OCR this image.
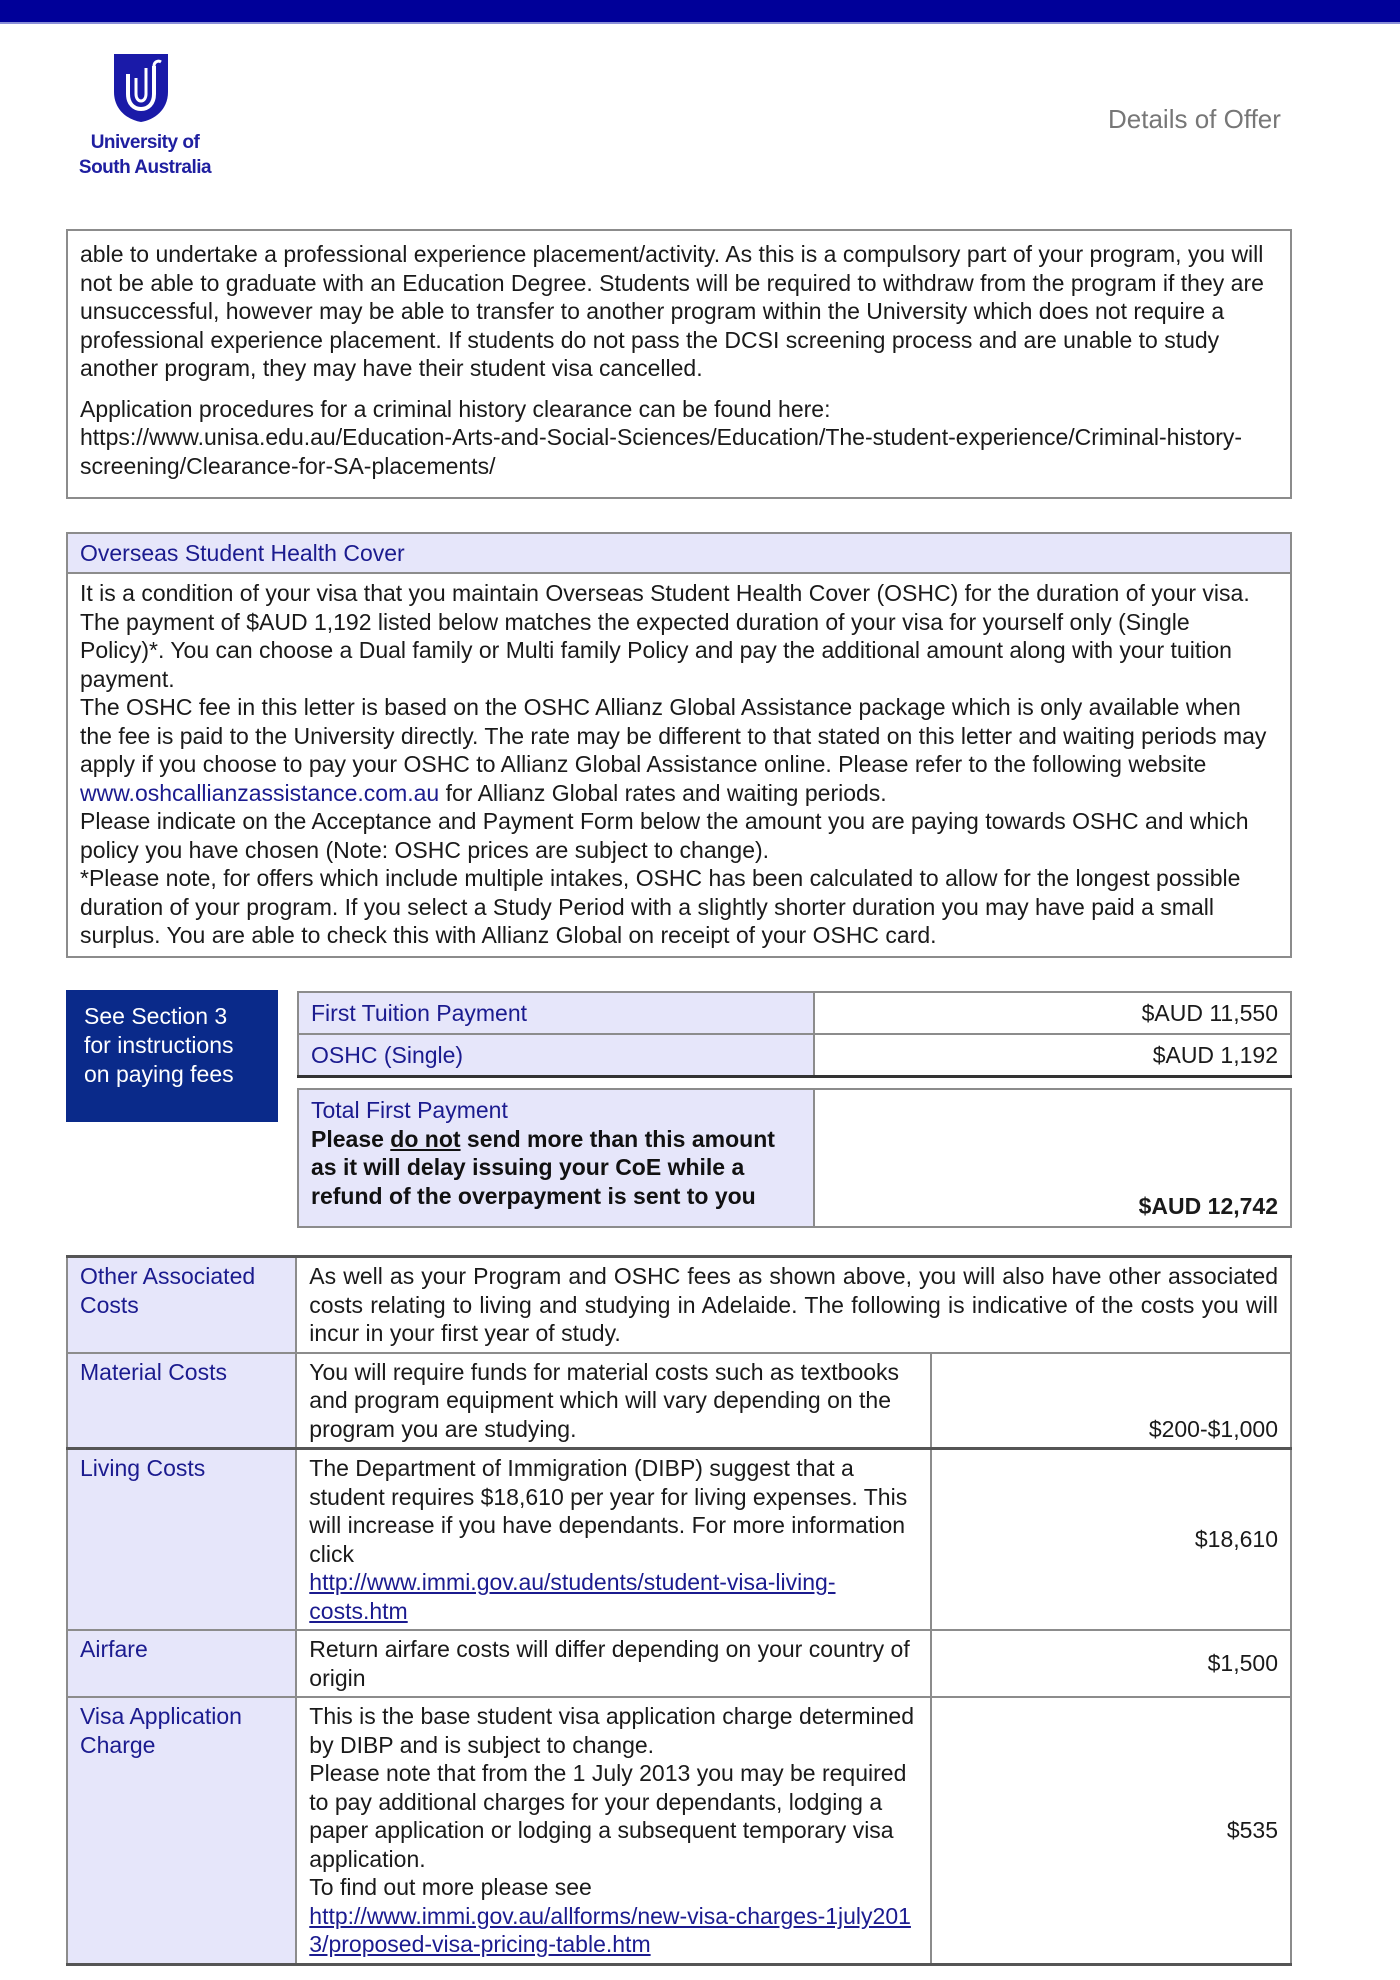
University of
South Australia
Details of Offer

able to undertake a professional experience placement/activity. As this is a compulsory part of your program, you will not be able to graduate with an Education Degree. Students will be required to withdraw from the program if they are unsuccessful, however may be able to transfer to another program within the University which does not require a professional experience placement. If students do not pass the DCSI screening process and are unable to study another program, they may have their student visa cancelled.

Application procedures for a criminal history clearance can be found here:
https://www.unisa.edu.au/Education-Arts-and-Social-Sciences/Education/The-student-experience/Criminal-history-screening/Clearance-for-SA-placements/

Overseas Student Health Cover

It is a condition of your visa that you maintain Overseas Student Health Cover (OSHC) for the duration of your visa. The payment of $AUD 1,192 listed below matches the expected duration of your visa for yourself only (Single Policy)*. You can choose a Dual family or Multi family Policy and pay the additional amount along with your tuition payment.

The OSHC fee in this letter is based on the OSHC Allianz Global Assistance package which is only available when the fee is paid to the University directly. The rate may be different to that stated on this letter and waiting periods may apply if you choose to pay your OSHC to Allianz Global Assistance online. Please refer to the following website www.oshcallianzassistance.com.au for Allianz Global rates and waiting periods.

Please indicate on the Acceptance and Payment Form below the amount you are paying towards OSHC and which policy you have chosen (Note: OSHC prices are subject to change).

*Please note, for offers which include multiple intakes, OSHC has been calculated to allow for the longest possible duration of your program. If you select a Study Period with a slightly shorter duration you may have paid a small surplus. You are able to check this with Allianz Global on receipt of your OSHC card.

See Section 3
for instructions
on paying fees
First Tuition Payment	$AUD 11,550
OSHC (Single)	$AUD 1,192
Total First Payment
Please do not send more than this amount as it will delay issuing your CoE while a refund of the overpayment is sent to you	$AUD 12,742
Other Associated Costs	As well as your Program and OSHC fees as shown above, you will also have other associated costs relating to living and studying in Adelaide. The following is indicative of the costs you will incur in your first year of study.	
Material Costs	You will require funds for material costs such as textbooks and program equipment which will vary depending on the program you are studying.	$200-$1,000
Living Costs	The Department of Immigration (DIBP) suggest that a student requires $18,610 per year for living expenses. This will increase if you have dependants. For more information click
http://www.immi.gov.au/students/student-visa-living-costs.htm	$18,610
Airfare	Return airfare costs will differ depending on your country of origin	$1,500
Visa Application Charge	This is the base student visa application charge determined by DIBP and is subject to change.
Please note that from the 1 July 2013 you may be required to pay additional charges for your dependants, lodging a paper application or lodging a subsequent temporary visa application.
To find out more please see
http://www.immi.gov.au/allforms/new-visa-charges-1july2013/proposed-visa-pricing-table.htm	$535
